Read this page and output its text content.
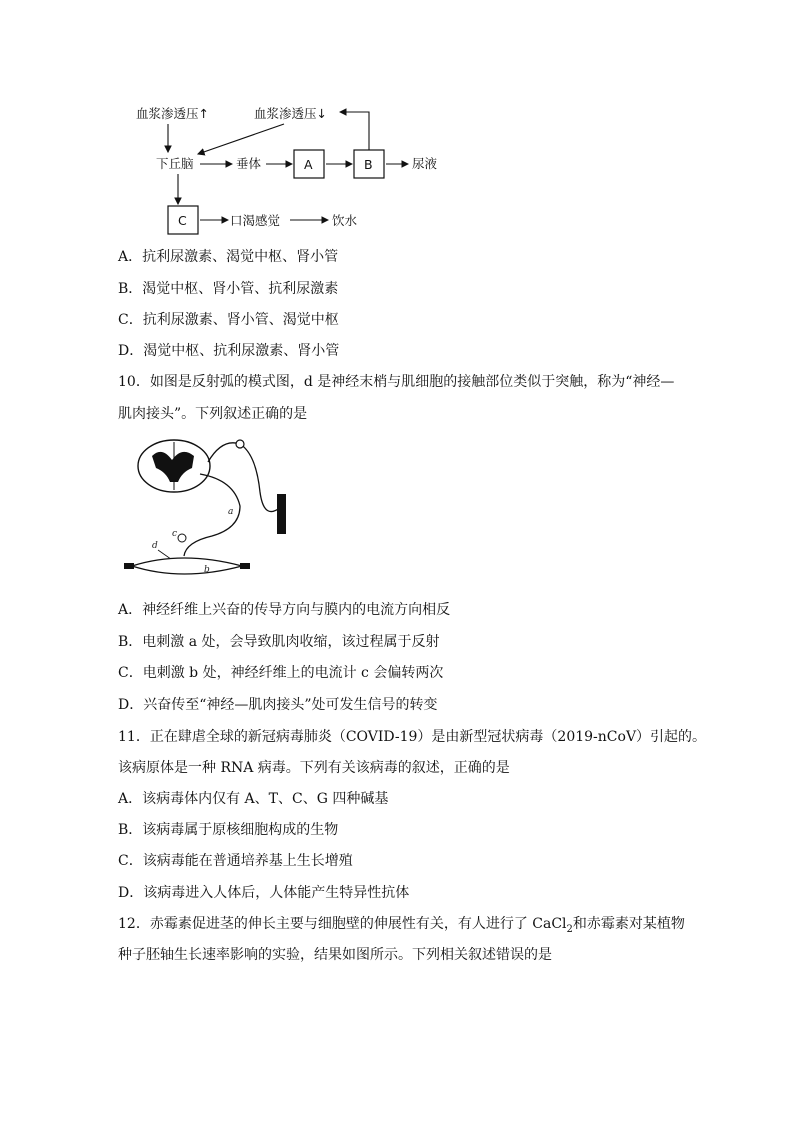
血浆渗透压↑	血浆渗透压↓
下丘脑	垂体	A	B	尿液
C	口渴感觉	饮水
A．抗利尿激素、渴觉中枢、肾小管
B．渴觉中枢、肾小管、抗利尿激素
C．抗利尿激素、肾小管、渴觉中枢
D．渴觉中枢、抗利尿激素、肾小管
10．如图是反射弧的模式图，d 是神经末梢与肌细胞的接触部位类似于突触，称为“神经—
肌肉接头”。下列叙述正确的是
a
c
d
b
A．神经纤维上兴奋的传导方向与膜内的电流方向相反
B．电刺激 a 处，会导致肌肉收缩，该过程属于反射
C．电刺激 b 处，神经纤维上的电流计 c 会偏转两次
D．兴奋传至“神经—肌肉接头”处可发生信号的转变
11．正在肆虐全球的新冠病毒肺炎（COVID-19）是由新型冠状病毒（2019-nCoV）引起的。
该病原体是一种 RNA 病毒。下列有关该病毒的叙述，正确的是
A．该病毒体内仅有 A、T、C、G 四种碱基
B．该病毒属于原核细胞构成的生物
C．该病毒能在普通培养基上生长增殖
D．该病毒进入人体后，人体能产生特异性抗体
12．赤霉素促进茎的伸长主要与细胞壁的伸展性有关，有人进行了 CaCl$_2$和赤霉素对某植物
种子胚轴生长速率影响的实验，结果如图所示。下列相关叙述错误的是
